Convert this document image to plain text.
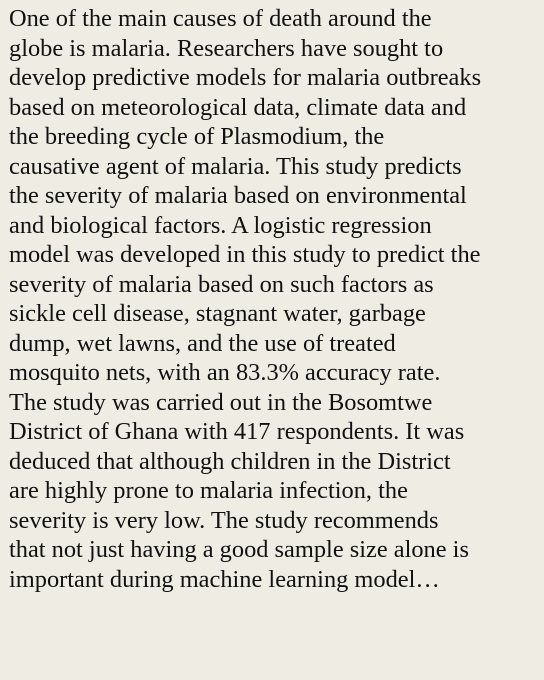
One of the main causes of death around the
globe is malaria. Researchers have sought to
develop predictive models for malaria outbreaks
based on meteorological data, climate data and
the breeding cycle of Plasmodium, the
causative agent of malaria. This study predicts
the severity of malaria based on environmental
and biological factors. A logistic regression
model was developed in this study to predict the
severity of malaria based on such factors as
sickle cell disease, stagnant water, garbage
dump, wet lawns, and the use of treated
mosquito nets, with an 83.3% accuracy rate.
The study was carried out in the Bosomtwe
District of Ghana with 417 respondents. It was
deduced that although children in the District
are highly prone to malaria infection, the
severity is very low. The study recommends
that not just having a good sample size alone is
important during machine learning model…
